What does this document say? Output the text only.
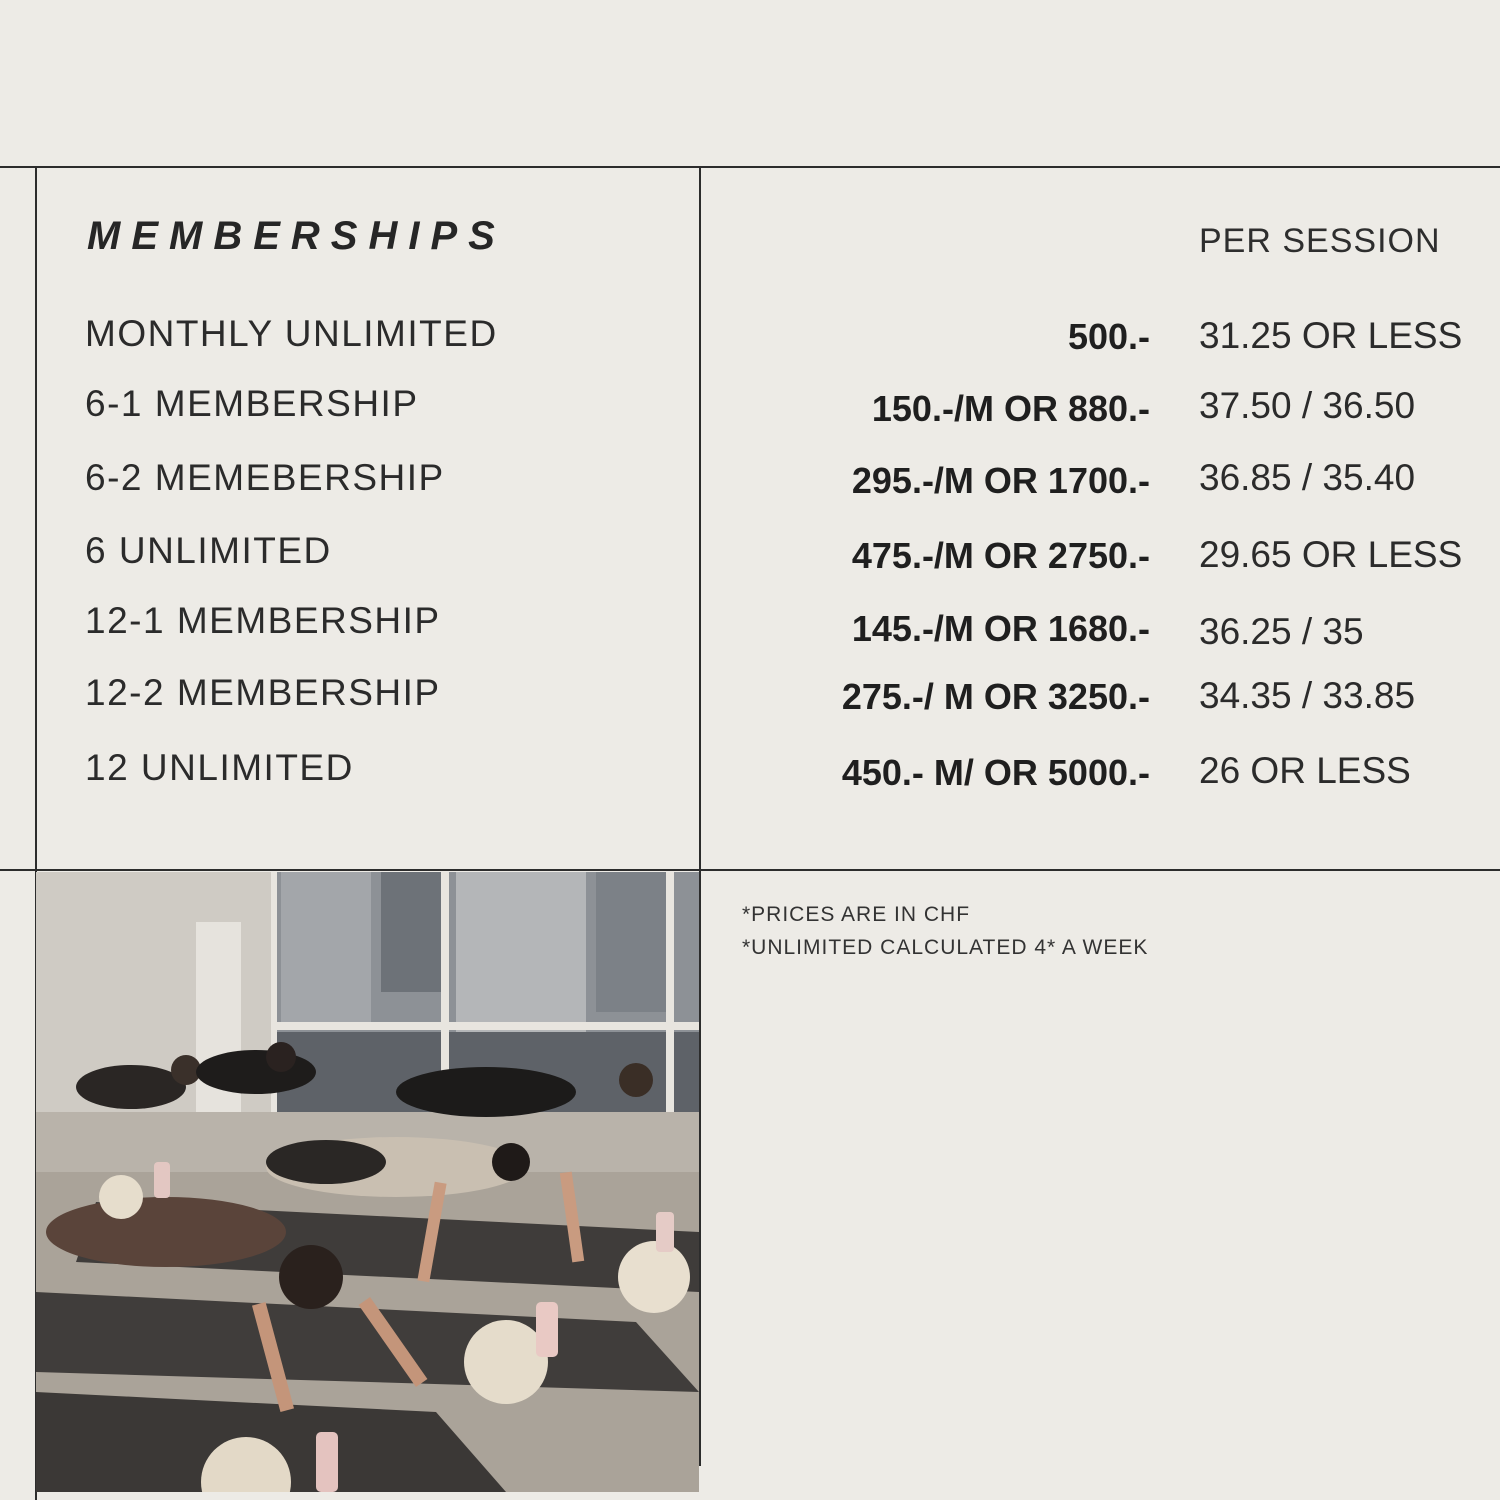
MEMBERSHIPS	PER SESSION
MONTHLY UNLIMITED
6-1 MEMBERSHIP
6-2 MEMEBERSHIP
6 UNLIMITED
12-1 MEMBERSHIP
12-2 MEMBERSHIP
12 UNLIMITED
500.-
150.-/M OR 880.-
295.-/M OR 1700.-
475.-/M OR 2750.-
145.-/M OR 1680.-
275.-/ M OR 3250.-
450.- M/ OR 5000.-
31.25 OR LESS
37.50 / 36.50
36.85 / 35.40
29.65 OR LESS
36.25 / 35
34.35 / 33.85
26 OR LESS
*PRICES ARE IN CHF
*UNLIMITED CALCULATED 4* A WEEK
